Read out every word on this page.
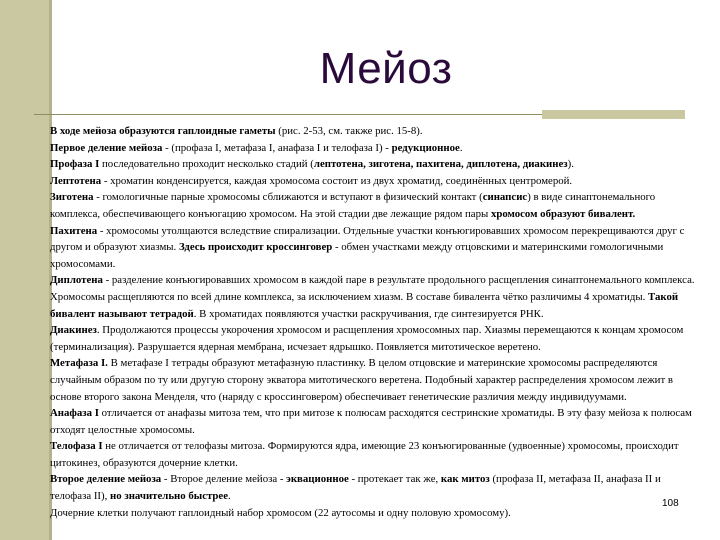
Мейоз

В ходе мейоза образуются гаплоидные гаметы (рис. 2-53, см. также рис. 15-8).

Первое деление мейоза - (профаза I, метафаза I, анафаза I и телофаза I) - редукционное.

Профаза I последовательно проходит несколько стадий (лептотена, зиготена, пахитена, диплотена, диакинез).

Лептотена - хроматин конденсируется, каждая хромосома состоит из двух хроматид, соединённых центромерой.

Зиготена - гомологичные парные хромосомы сближаются и вступают в физический контакт (синапсис) в виде синаптонемального комплекса, обеспечивающего конъюгацию хромосом. На этой стадии две лежащие рядом пары хромосом образуют бивалент.

Пахитена - хромосомы утолщаются вследствие спирализации. Отдельные участки конъюгировавших хромосом перекрещиваются друг с другом и образуют хиазмы. Здесь происходит кроссинговер - обмен участками между отцовскими и материнскими гомологичными хромосомами.

Диплотена - разделение конъюгировавших хромосом в каждой паре в результате продольного расщепления синаптонемального комплекса. Хромосомы расщепляются по всей длине комплекса, за исключением хиазм. В составе бивалента чётко различимы 4 хроматиды. Такой бивалент называют тетрадой. В хроматидах появляются участки раскручивания, где синтезируется РНК.

Диакинез. Продолжаются процессы укорочения хромосом и расщепления хромосомных пар. Хиазмы перемещаются к концам хромосом (терминализация). Разрушается ядерная мембрана, исчезает ядрышко. Появляется митотическое веретено.

Метафаза I. В метафазе I тетрады образуют метафазную пластинку. В целом отцовские и материнские хромосомы распределяются случайным образом по ту или другую сторону экватора митотического веретена. Подобный характер распределения хромосом лежит в основе второго закона Менделя, что (наряду с кроссинговером) обеспечивает генетические различия между индивидуумами.

Анафаза I отличается от анафазы митоза тем, что при митозе к полюсам расходятся сестринские хроматиды. В эту фазу мейоза к полюсам отходят целостные хромосомы.

Телофаза I не отличается от телофазы митоза. Формируются ядра, имеющие 23 конъюгированные (удвоенные) хромосомы, происходит цитокинез, образуются дочерние клетки.

Второе деление мейоза - Второе деление мейоза - эквационное - протекает так же, как митоз (профаза II, метафаза II, анафаза II и телофаза II), но значительно быстрее.

Дочерние клетки получают гаплоидный набор хромосом (22 аутосомы и одну половую хромосому).

108
